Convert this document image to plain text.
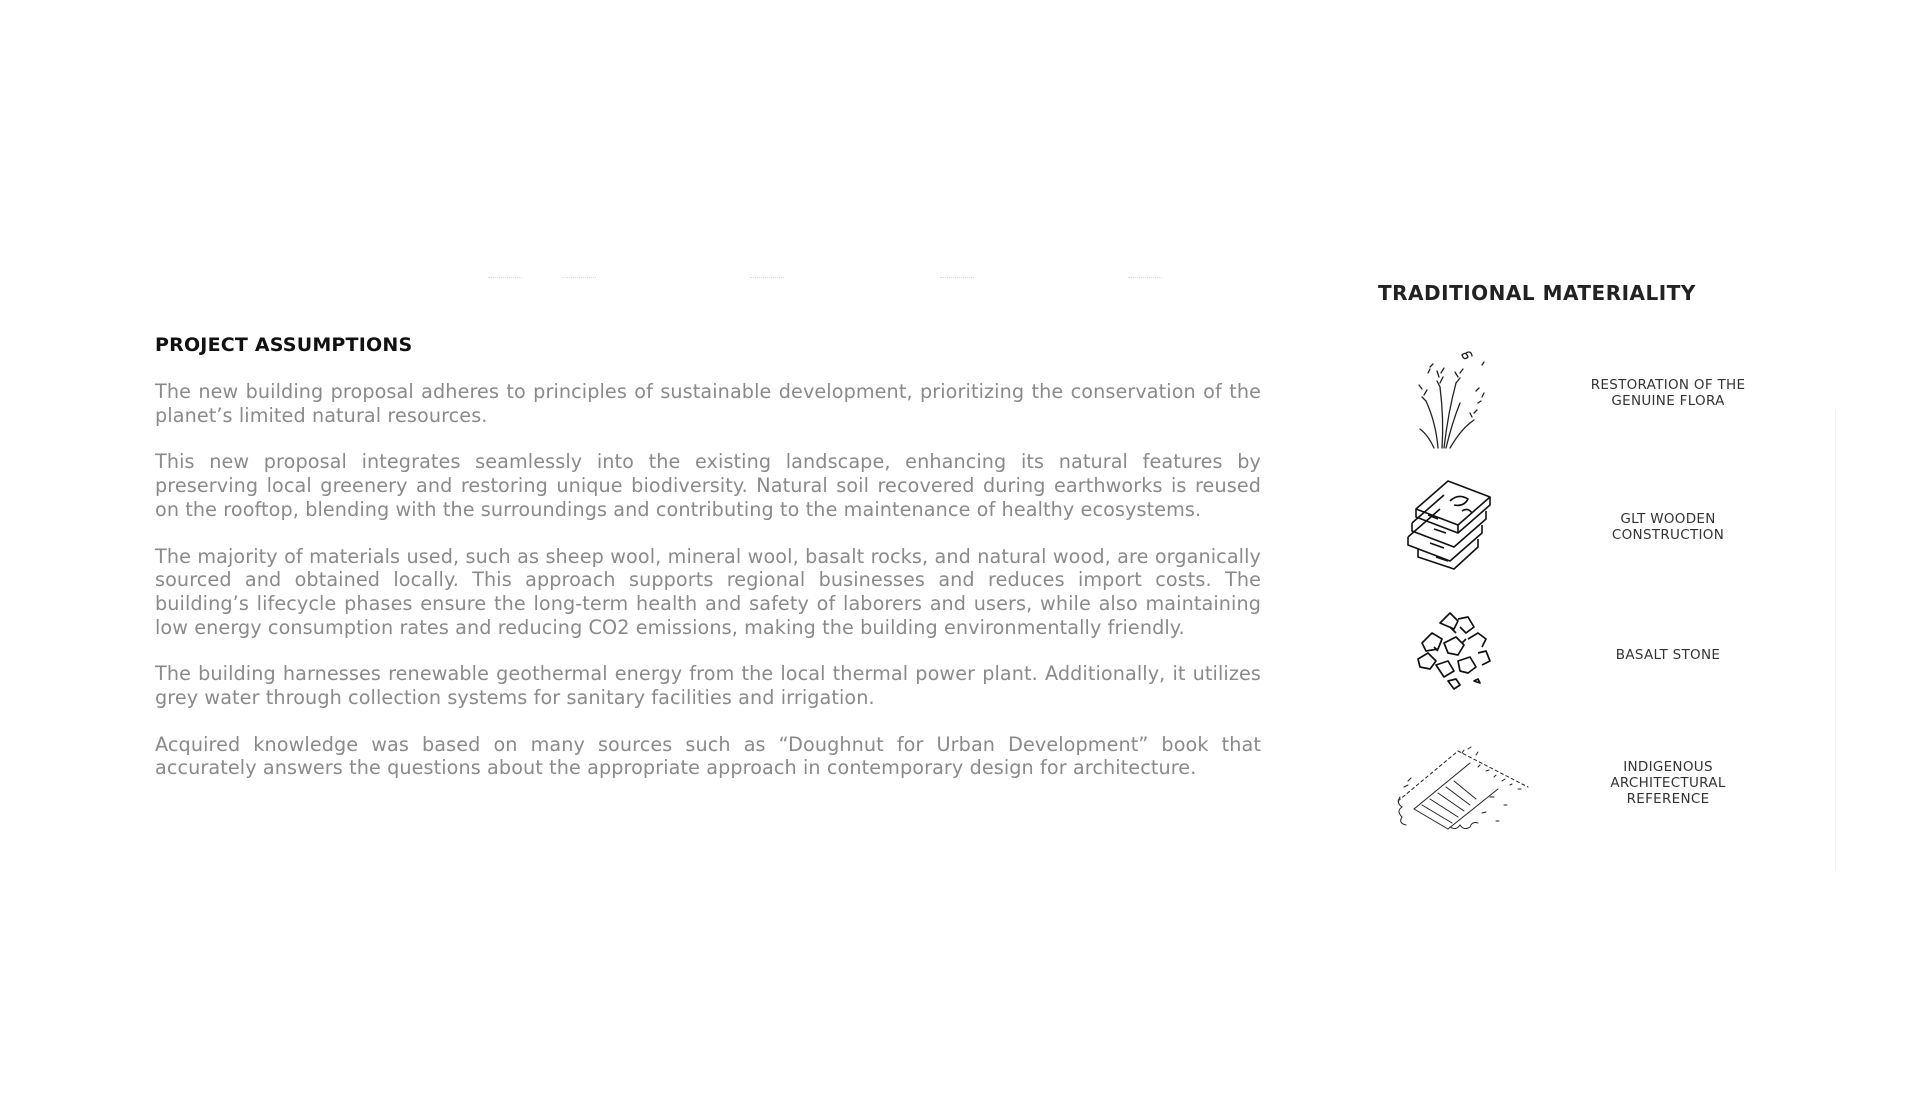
PROJECT ASSUMPTIONS

The new building proposal adheres to principles of sustainable development, prioritizing the conservation of the planet’s limited natural resources.

This new proposal integrates seamlessly into the existing landscape, enhancing its natural features by preserving local greenery and restoring unique biodiversity. Natural soil recovered during earthworks is reused on the rooftop, blending with the surroundings and contributing to the maintenance of healthy ecosystems.

The majority of materials used, such as sheep wool, mineral wool, basalt rocks, and natural wood, are organically sourced and obtained locally. This approach supports regional businesses and reduces import costs. The building’s lifecycle phases ensure the long-term health and safety of laborers and users, while also maintaining low energy consumption rates and reducing CO2 emissions, making the building environmentally friendly.

The building harnesses renewable geothermal energy from the local thermal power plant. Additionally, it utilizes grey water through collection systems for sanitary facilities and irrigation.

Acquired knowledge was based on many sources such as “Doughnut for Urban Development” book that accurately answers the questions about the appropriate approach in contemporary design for architecture.

TRADITIONAL MATERIALITY
RESTORATION OF THE
GENUINE FLORA
GLT WOODEN
CONSTRUCTION
BASALT STONE
INDIGENOUS
ARCHITECTURAL
REFERENCE
